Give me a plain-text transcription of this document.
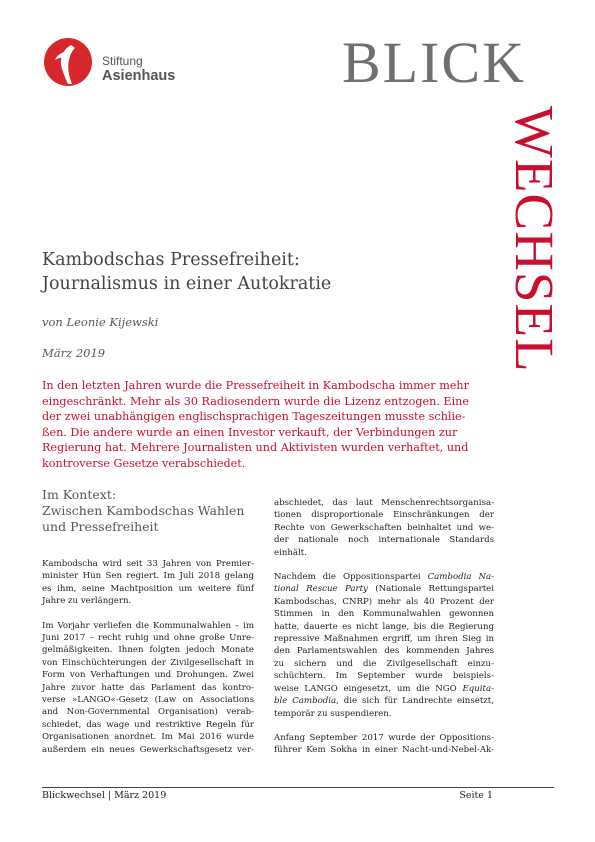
Stiftung
Asienhaus	BLICK
WECHSEL
Kambodschas Pressefreiheit:
Journalismus in einer Autokratie
von Leonie Kijewski
März 2019
In den letzten Jahren wurde die Pressefreiheit in Kambodscha immer mehr
eingeschränkt. Mehr als 30 Radiosendern wurde die Lizenz entzogen. Eine
der zwei unabhängigen englischsprachigen Tageszeitungen musste schlie-
ßen. Die andere wurde an einen Investor verkauft, der Verbindungen zur
Regierung hat. Mehrere Journalisten und Aktivisten wurden verhaftet, und
kontroverse Gesetze verabschiedet.
Im Kontext:
Zwischen Kambodschas Wahlen
und Pressefreiheit

Kambodscha wird seit 33 Jahren von Premier-
minister Hun Sen regiert. Im Juli 2018 gelang
es ihm, seine Machtposition um weitere fünf
Jahre zu verlängern.

Im Vorjahr verliefen die Kommunalwahlen – im
Juni 2017 – recht ruhig und ohne große Unre-
gelmäßigkeiten. Ihnen folgten jedoch Monate
von Einschüchterungen der Zivilgesellschaft in
Form von Verhaftungen und Drohungen. Zwei
Jahre zuvor hatte das Parlament das kontro-
verse »LANGO«-Gesetz (Law on Associations
and Non-Governmental Organisation) verab-
schiedet, das wage und restriktive Regeln für
Organisationen anordnet. Im Mai 2016 wurde
außerdem ein neues Gewerkschaftsgesetz ver-

abschiedet, das laut Menschenrechtsorganisa-
tionen disproportionale Einschränkungen der
Rechte von Gewerkschaften beinhaltet und we-
der nationale noch internationale Standards
einhält.

Nachdem die Oppositionspartei Cambodia Na-
tional Rescue Party (Nationale Rettungspartei
Kambodschas, CNRP) mehr als 40 Prozent der
Stimmen in den Kommunalwahlen gewonnen
hatte, dauerte es nicht lange, bis die Regierung
repressive Maßnahmen ergriff, um ihren Sieg in
den Parlamentswahlen des kommenden Jahres
zu sichern und die Zivilgesellschaft einzu-
schüchtern. Im September wurde beispiels-
weise LANGO eingesetzt, um die NGO Equita-
ble Cambodia, die sich für Landrechte einsetzt,
temporär zu suspendieren.

Anfang September 2017 wurde der Oppositions-
führer Kem Sokha in einer Nacht-und-Nebel-Ak-

Blickwechsel | März 2019	Seite 1
